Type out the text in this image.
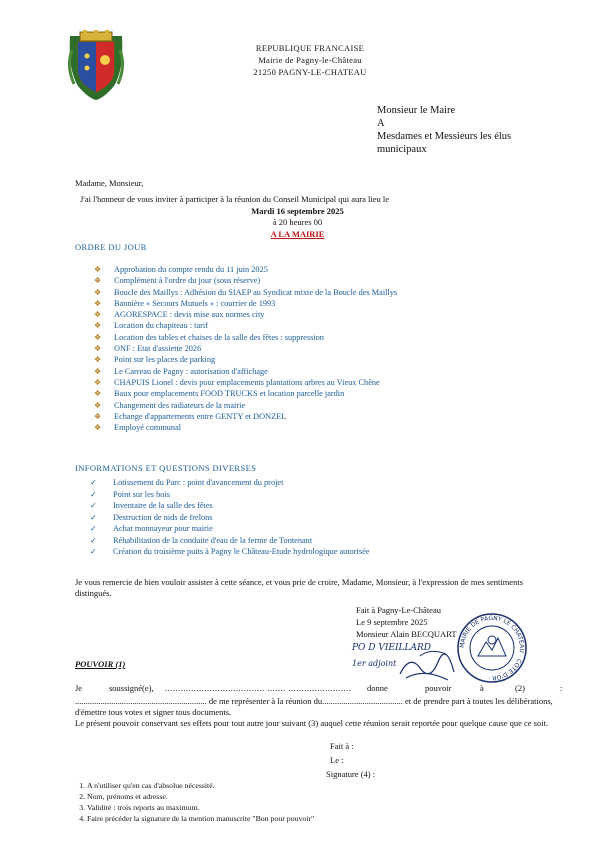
REPUBLIQUE FRANCAISE
Mairie de Pagny-le-Château
21250 PAGNY-LE-CHATEAU
Monsieur le Maire
A
Mesdames et Messieurs les élus
municipaux
Madame, Monsieur,
J'ai l'honneur de vous inviter à participer à la réunion du Conseil Municipal qui aura lieu le
Mardi 16 septembre 2025
à 20 heures 00
A LA MAIRIE
ORDRE DU JOUR
❖ Approbation du compte rendu du 11 juin 2025
❖ Complément à l'ordre du jour (sous réserve)
❖ Boucle des Maillys : Adhésion du SIAEP au Syndicat mixte de la Boucle des Maillys
❖ Bannière « Secours Mutuels » : courrier de 1993
❖ AGORESPACE : devis mise aux normes city
❖ Location du chapiteau : tarif
❖ Location des tables et chaises de la salle des fêtes : suppression
❖ ONF : Etat d'assiette 2026
❖ Point sur les places de parking
❖ Le Carreau de Pagny : autorisation d'affichage
❖ CHAPUIS Lionel : devis pour emplacements plantations arbres au Vieux Chêne
❖ Baux pour emplacements FOOD TRUCKS et location parcelle jardin
❖ Changement des radiateurs de la mairie
❖ Echange d'appartements entre GENTY et DONZEL
❖ Employé communal
INFORMATIONS ET QUESTIONS DIVERSES
✓ Lotissement du Parc : point d'avancement du projet
✓ Point sur les bois
✓ Inventaire de la salle des fêtes
✓ Destruction de nids de frelons
✓ Achat monnayeur pour mairie
✓ Réhabilitation de la conduite d'eau de la ferme de Tontenant
✓ Création du troisième puits à Pagny le Château-Etude hydrologique autorisée
Je vous remercie de bien vouloir assister à cette séance, et vous prie de croire, Madame, Monsieur, à l'expression de mes sentiments distingués.
Fait à Pagny-Le-Château
Le 9 septembre 2025
Monsieur Alain BECQUART
PO D VIEILLARD
1er adjoint
MAIRIE DE PAGNY LE CHATEAU · COTE D'OR ·
POUVOIR (1)
Je	soussigné(e), ...................................... ....... ........................ donne	pouvoir	à	(2)	:
.............................................................. de me représenter à la réunion du...................................... et de prendre part à toutes les délibérations, d'émettre tous votes et signer tous documents.
Le présent pouvoir conservant ses effets pour tout autre jour suivant (3) auquel cette réunion serait reportée pour quelque cause que ce soit.
Fait à :
Le :
Signature (4) :
1. A n'utiliser qu'en cas d'absolue nécessité.
2. Nom, prénoms et adresse.
3. Validité : trois reports au maximum.
4. Faire précéder la signature de la mention manuscrite "Bon pour pouvoir"
